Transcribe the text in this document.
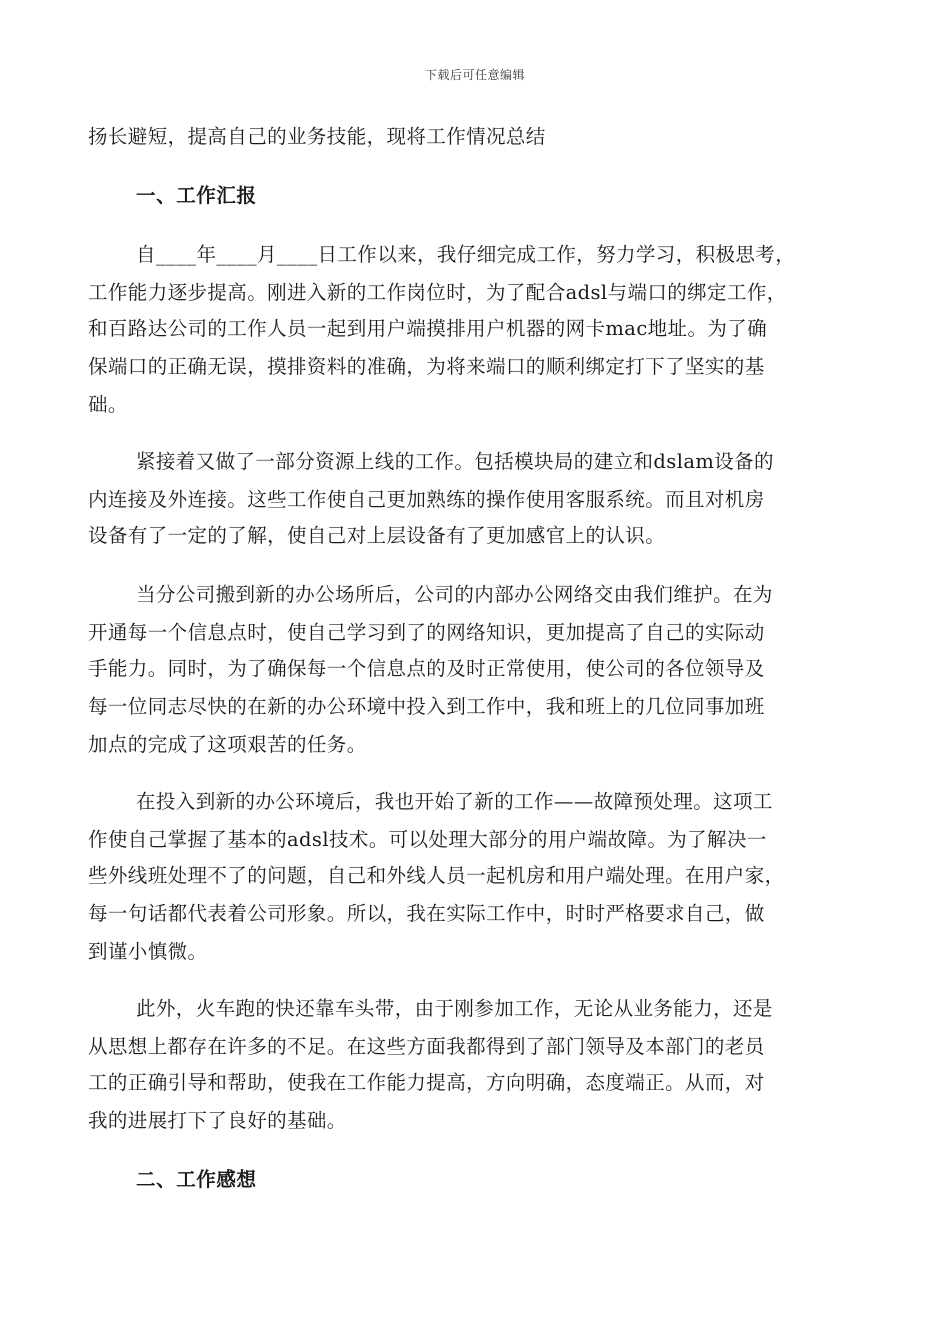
下载后可任意编辑
扬长避短，提高自己的业务技能，现将工作情况总结
一、工作汇报
自____年____月____日工作以来，我仔细完成工作，努力学习，积极思考，
工作能力逐步提高。刚进入新的工作岗位时，为了配合adsl与端口的绑定工作，
和百路达公司的工作人员一起到用户端摸排用户机器的网卡mac地址。为了确
保端口的正确无误，摸排资料的准确，为将来端口的顺利绑定打下了坚实的基
础。
紧接着又做了一部分资源上线的工作。包括模块局的建立和dslam设备的
内连接及外连接。这些工作使自己更加熟练的操作使用客服系统。而且对机房
设备有了一定的了解，使自己对上层设备有了更加感官上的认识。
当分公司搬到新的办公场所后，公司的内部办公网络交由我们维护。在为
开通每一个信息点时，使自己学习到了的网络知识，更加提高了自己的实际动
手能力。同时，为了确保每一个信息点的及时正常使用，使公司的各位领导及
每一位同志尽快的在新的办公环境中投入到工作中，我和班上的几位同事加班
加点的完成了这项艰苦的任务。
在投入到新的办公环境后，我也开始了新的工作——故障预处理。这项工
作使自己掌握了基本的adsl技术。可以处理大部分的用户端故障。为了解决一
些外线班处理不了的问题，自己和外线人员一起机房和用户端处理。在用户家，
每一句话都代表着公司形象。所以，我在实际工作中，时时严格要求自己，做
到谨小慎微。
此外，火车跑的快还靠车头带，由于刚参加工作，无论从业务能力，还是
从思想上都存在许多的不足。在这些方面我都得到了部门领导及本部门的老员
工的正确引导和帮助，使我在工作能力提高，方向明确，态度端正。从而，对
我的进展打下了良好的基础。
二、工作感想
